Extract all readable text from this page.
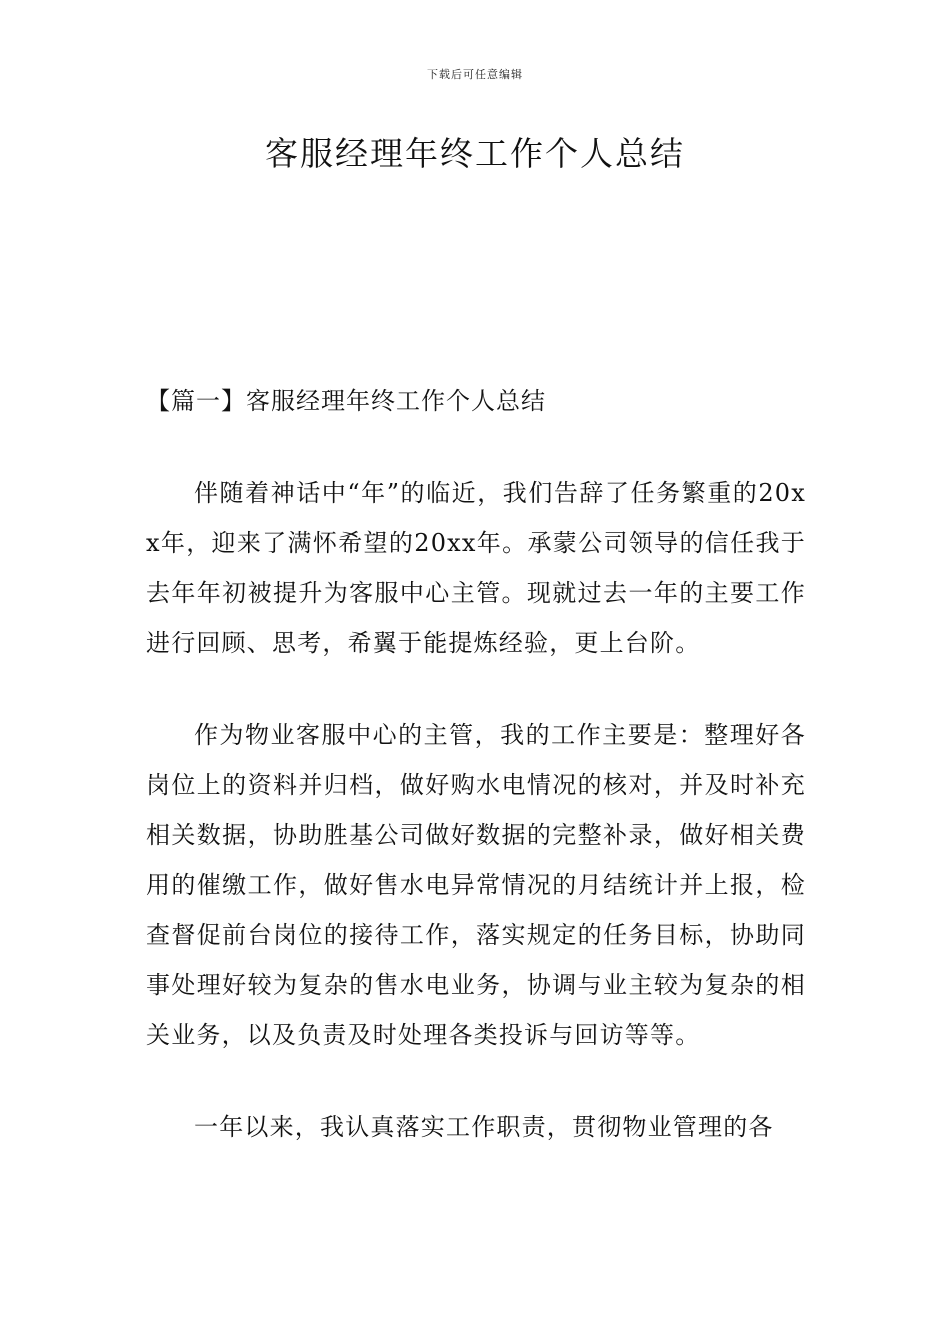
下载后可任意编辑
客服经理年终工作个人总结

【篇一】客服经理年终工作个人总结

伴随着神话中“年”的临近，我们告辞了任务繁重的20xx年，迎来了满怀希望的20xx年。承蒙公司领导的信任我于去年年初被提升为客服中心主管。现就过去一年的主要工作进行回顾、思考，希翼于能提炼经验，更上台阶。

作为物业客服中心的主管，我的工作主要是：整理好各岗位上的资料并归档，做好购水电情况的核对，并及时补充相关数据，协助胜基公司做好数据的完整补录，做好相关费用的催缴工作，做好售水电异常情况的月结统计并上报，检查督促前台岗位的接待工作，落实规定的任务目标，协助同事处理好较为复杂的售水电业务，协调与业主较为复杂的相关业务，以及负责及时处理各类投诉与回访等等。

一年以来，我认真落实工作职责，贯彻物业管理的各
